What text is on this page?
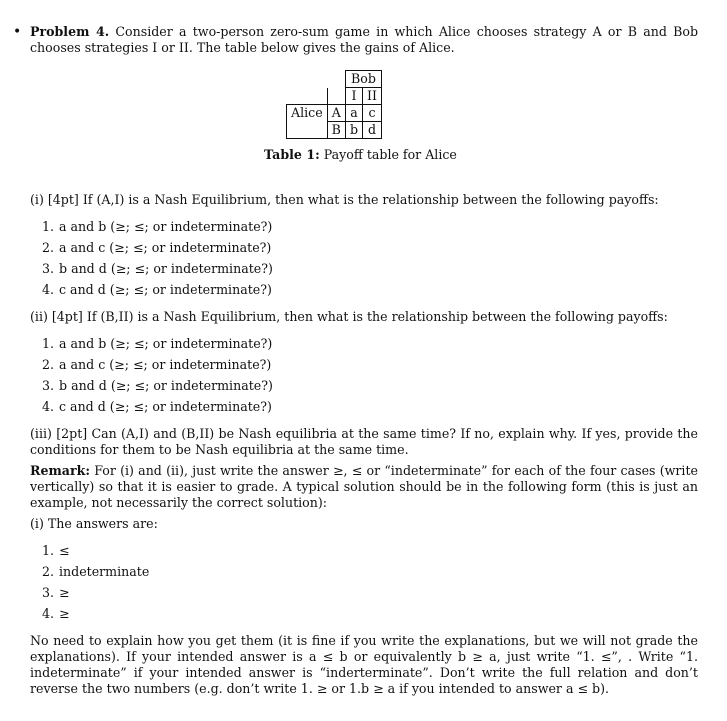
• Problem 4. Consider a two-person zero-sum game in which Alice chooses strategy A or B and Bob chooses strategies I or II. The table below gives the gains of Alice.
		Bob	
		I	II
Alice	A	a	c
	B	b	d
Table 1: Payoff table for Alice
(i) [4pt] If (A,I) is a Nash Equilibrium, then what is the relationship between the following payoffs:
1. a and b (≥; ≤; or indeterminate?)
2. a and c (≥; ≤; or indeterminate?)
3. b and d (≥; ≤; or indeterminate?)
4. c and d (≥; ≤; or indeterminate?)
(ii) [4pt] If (B,II) is a Nash Equilibrium, then what is the relationship between the following payoffs:
1. a and b (≥; ≤; or indeterminate?)
2. a and c (≥; ≤; or indeterminate?)
3. b and d (≥; ≤; or indeterminate?)
4. c and d (≥; ≤; or indeterminate?)
(iii) [2pt] Can (A,I) and (B,II) be Nash equilibria at the same time? If no, explain why. If yes, provide the conditions for them to be Nash equilibria at the same time.
Remark: For (i) and (ii), just write the answer ≥, ≤ or “indeterminate” for each of the four cases (write vertically) so that it is easier to grade. A typical solution should be in the following form (this is just an example, not necessarily the correct solution):
(i) The answers are:
1. ≤
2. indeterminate
3. ≥
4. ≥
No need to explain how you get them (it is fine if you write the explanations, but we will not grade the explanations). If your intended answer is a ≤ b or equivalently b ≥ a, just write “1. ≤”, . Write “1. indeterminate” if your intended answer is “inderterminate”. Don’t write the full relation and don’t reverse the two numbers (e.g. don’t write 1. ≥ or 1.b ≥ a if you intended to answer a ≤ b).
